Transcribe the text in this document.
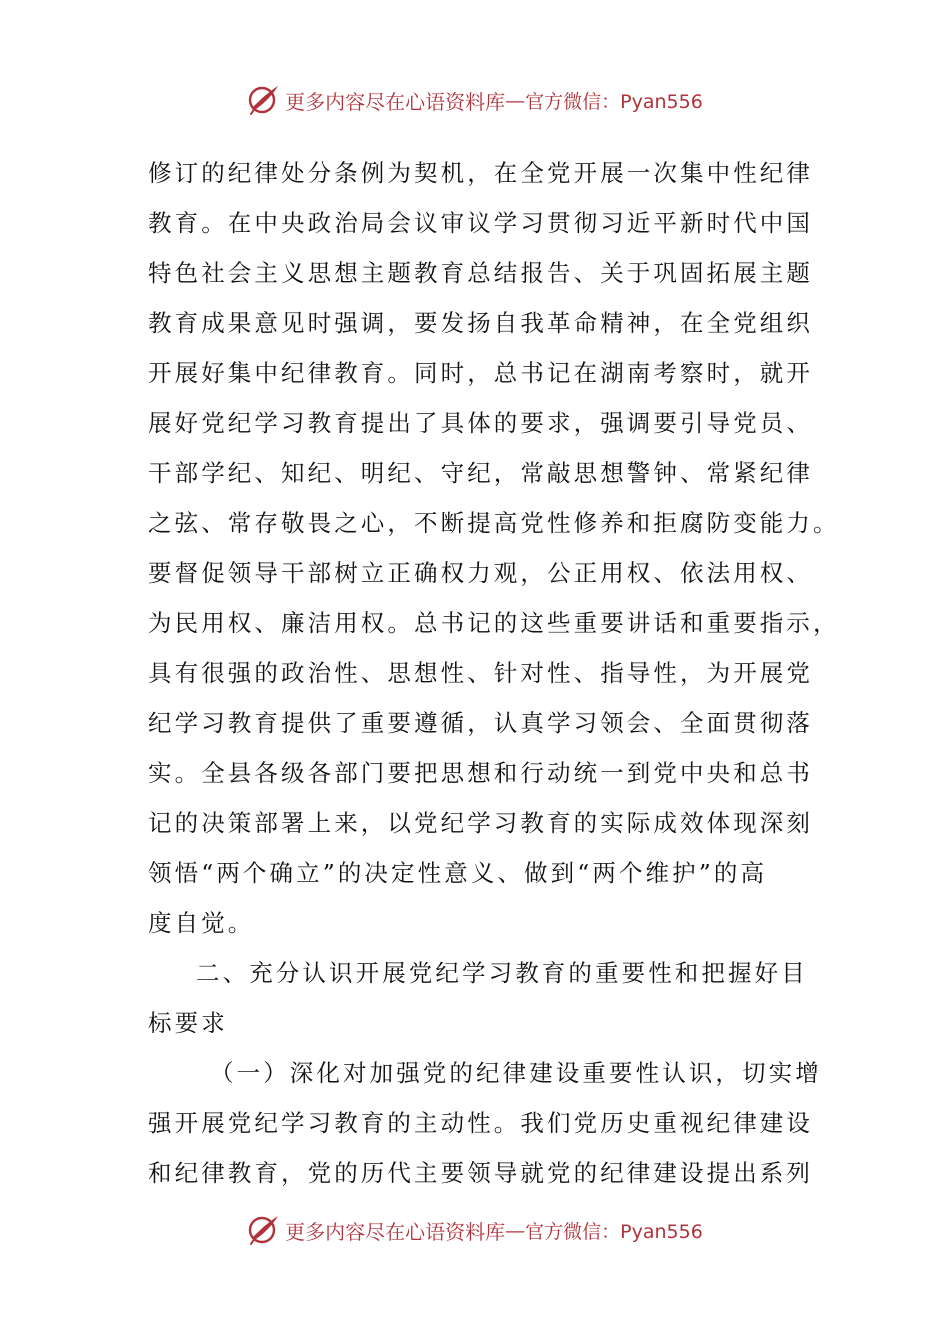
更多内容尽在心语资料库 — 官方微信：Pyan556
修订的纪律处分条例为契机，在全党开展一次集中性纪律
教育。在中央政治局会议审议学习贯彻习近平新时代中国
特色社会主义思想主题教育总结报告、关于巩固拓展主题
教育成果意见时强调，要发扬自我革命精神，在全党组织
开展好集中纪律教育。同时，总书记在湖南考察时，就开
展好党纪学习教育提出了具体的要求，强调要引导党员、
干部学纪、知纪、明纪、守纪，常敲思想警钟、常紧纪律
之弦、常存敬畏之心，不断提高党性修养和拒腐防变能力。
要督促领导干部树立正确权力观，公正用权、依法用权、
为民用权、廉洁用权。总书记的这些重要讲话和重要指示，
具有很强的政治性、思想性、针对性、指导性，为开展党
纪学习教育提供了重要遵循，认真学习领会、全面贯彻落
实。全县各级各部门要把思想和行动统一到党中央和总书
记的决策部署上来，以党纪学习教育的实际成效体现深刻
领悟“两个确立”的决定性意义、做到“两个维护”的高
度自觉。
二、充分认识开展党纪学习教育的重要性和把握好目
标要求
（一）深化对加强党的纪律建设重要性认识，切实增
强开展党纪学习教育的主动性。我们党历史重视纪律建设
和纪律教育，党的历代主要领导就党的纪律建设提出系列
更多内容尽在心语资料库 — 官方微信：Pyan556
